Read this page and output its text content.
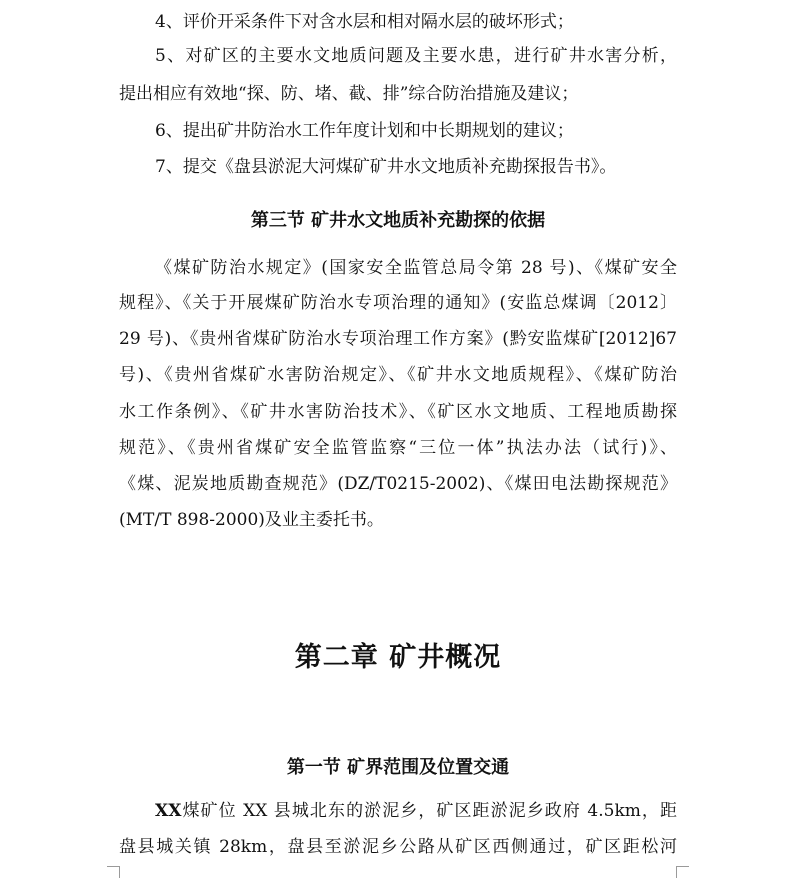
4、评价开采条件下对含水层和相对隔水层的破坏形式；
5、对矿区的主要水文地质问题及主要水患，进行矿井水害分析，
提出相应有效地“探、防、堵、截、排”综合防治措施及建议；
6、提出矿井防治水工作年度计划和中长期规划的建议；
7、提交《盘县淤泥大河煤矿矿井水文地质补充勘探报告书》。
第三节 矿井水文地质补充勘探的依据
《煤矿防治水规定》(国家安全监管总局令第 28 号)、《煤矿安全
规程》、《关于开展煤矿防治水专项治理的通知》(安监总煤调〔2012〕
29 号)、《贵州省煤矿防治水专项治理工作方案》(黔安监煤矿[2012]67
号)、《贵州省煤矿水害防治规定》、《矿井水文地质规程》、《煤矿防治
水工作条例》、《矿井水害防治技术》、《矿区水文地质、工程地质勘探
规范》、《贵州省煤矿安全监管监察“三位一体”执法办法（试行)》、
《煤、泥炭地质勘查规范》(DZ/T0215-2002)、《煤田电法勘探规范》
(MT/T 898-2000)及业主委托书。
第二章 矿井概况
第一节 矿界范围及位置交通
XX煤矿位 XX 县城北东的淤泥乡，矿区距淤泥乡政府 4.5km，距
盘县城关镇 28km，盘县至淤泥乡公路从矿区西侧通过，矿区距松河
